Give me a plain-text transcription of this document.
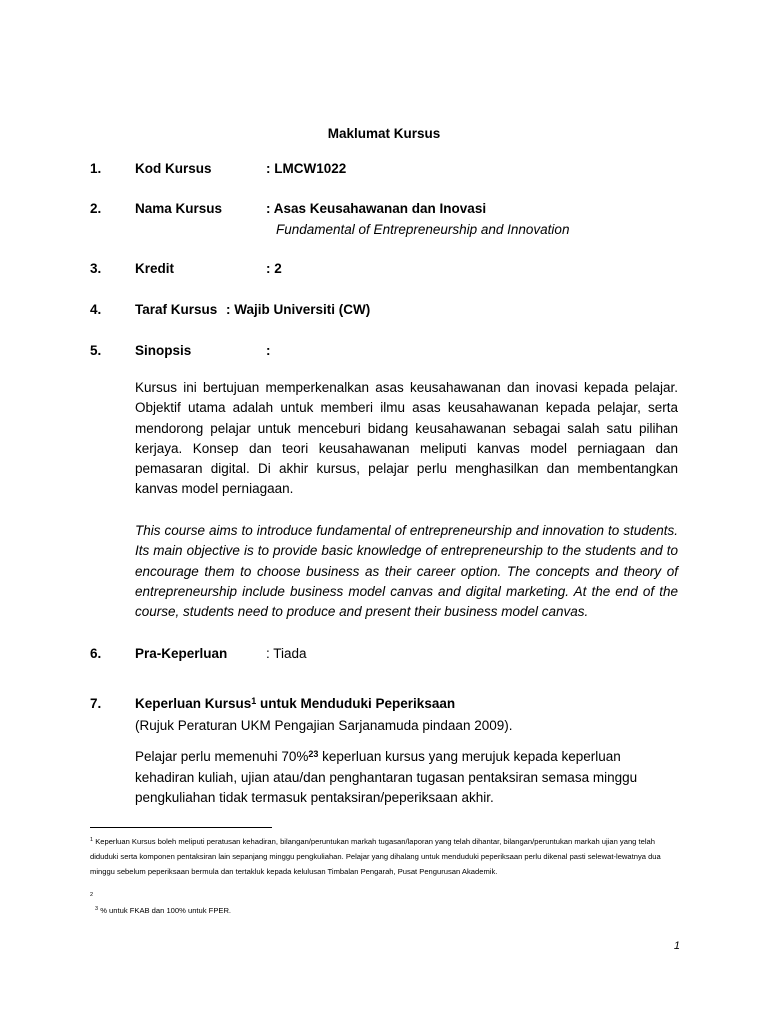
Maklumat Kursus
1. Kod Kursus	: LMCW1022
2. Nama Kursus	: Asas Keusahawanan dan Inovasi
Fundamental of Entrepreneurship and Innovation
3. Kredit	: 2
4. Taraf Kursus : Wajib Universiti (CW)
5. Sinopsis	:

Kursus ini bertujuan memperkenalkan asas keusahawanan dan inovasi kepada pelajar. Objektif utama adalah untuk memberi ilmu asas keusahawanan kepada pelajar, serta mendorong pelajar untuk menceburi bidang keusahawanan sebagai salah satu pilihan kerjaya. Konsep dan teori keusahawanan meliputi kanvas model perniagaan dan pemasaran digital. Di akhir kursus, pelajar perlu menghasilkan dan membentangkan kanvas model perniagaan.

This course aims to introduce fundamental of entrepreneurship and innovation to students. Its main objective is to provide basic knowledge of entrepreneurship to the students and to encourage them to choose business as their career option. The concepts and theory of entrepreneurship include business model canvas and digital marketing. At the end of the course, students need to produce and present their business model canvas.

6. Pra-Keperluan	: Tiada
7. Keperluan Kursus$^1$ untuk Menduduki Peperiksaan
(Rujuk Peraturan UKM Pengajian Sarjanamuda pindaan 2009).

Pelajar perlu memenuhi 70%$^{23}$ keperluan kursus yang merujuk kepada keperluan kehadiran kuliah, ujian atau/dan penghantaran tugasan pentaksiran semasa minggu pengkuliahan tidak termasuk pentaksiran/peperiksaan akhir.

$^1$ Keperluan Kursus boleh meliputi peratusan kehadiran, bilangan/peruntukan markah tugasan/laporan yang telah dihantar, bilangan/peruntukan markah ujian yang telah diduduki serta komponen pentaksiran lain sepanjang minggu pengkuliahan. Pelajar yang dihalang untuk menduduki peperiksaan perlu dikenal pasti selewat-lewatnya dua minggu sebelum peperiksaan bermula dan tertakluk kepada kelulusan Timbalan Pengarah, Pusat Pengurusan Akademik.

2

$^3$ % untuk FKAB dan 100% untuk FPER.

1
